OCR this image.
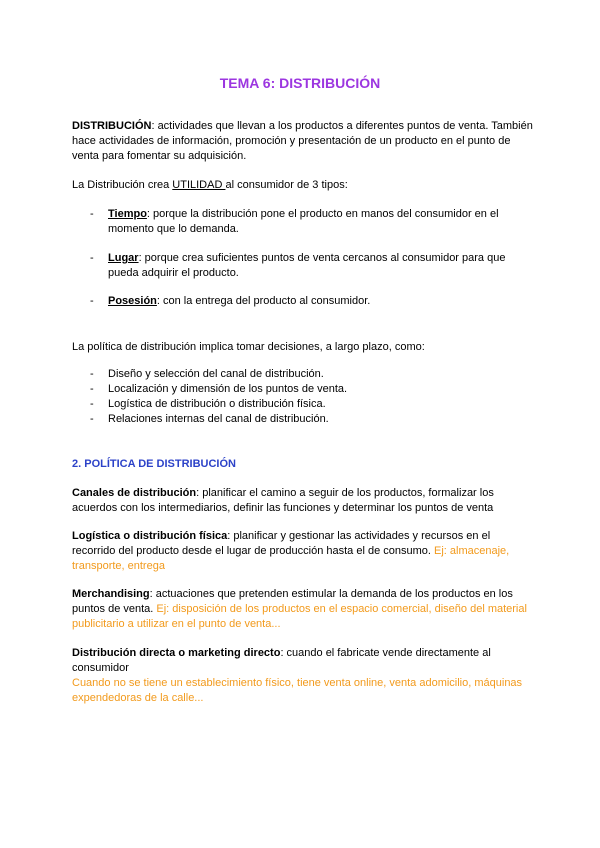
TEMA 6: DISTRIBUCIÓN
DISTRIBUCIÓN: actividades que llevan a los productos a diferentes puntos de venta. También hace actividades de información, promoción y presentación de un producto en el punto de venta para fomentar su adquisición.
La Distribución crea UTILIDAD al consumidor de 3 tipos:
-	Tiempo: porque la distribución pone el producto en manos del consumidor en el momento que lo demanda.
-	Lugar: porque crea suficientes puntos de venta cercanos al consumidor para que pueda adquirir el producto.
-	Posesión: con la entrega del producto al consumidor.
La política de distribución implica tomar decisiones, a largo plazo, como:
-	Diseño y selección del canal de distribución.
-	Localización y dimensión de los puntos de venta.
-	Logística de distribución o distribución física.
-	Relaciones internas del canal de distribución.
2. POLÍTICA DE DISTRIBUCIÓN
Canales de distribución: planificar el camino a seguir de los productos, formalizar los acuerdos con los intermediarios, definir las funciones y determinar los puntos de venta
Logística o distribución física: planificar y gestionar las actividades y recursos en el recorrido del producto desde el lugar de producción hasta el de consumo. Ej: almacenaje, transporte, entrega
Merchandising: actuaciones que pretenden estimular la demanda de los productos en los puntos de venta. Ej: disposición de los productos en el espacio comercial, diseño del material publicitario a utilizar en el punto de venta...
Distribución directa o marketing directo: cuando el fabricate vende directamente al consumidor
Cuando no se tiene un establecimiento físico, tiene venta online, venta adomicilio, máquinas expendedoras de la calle...
